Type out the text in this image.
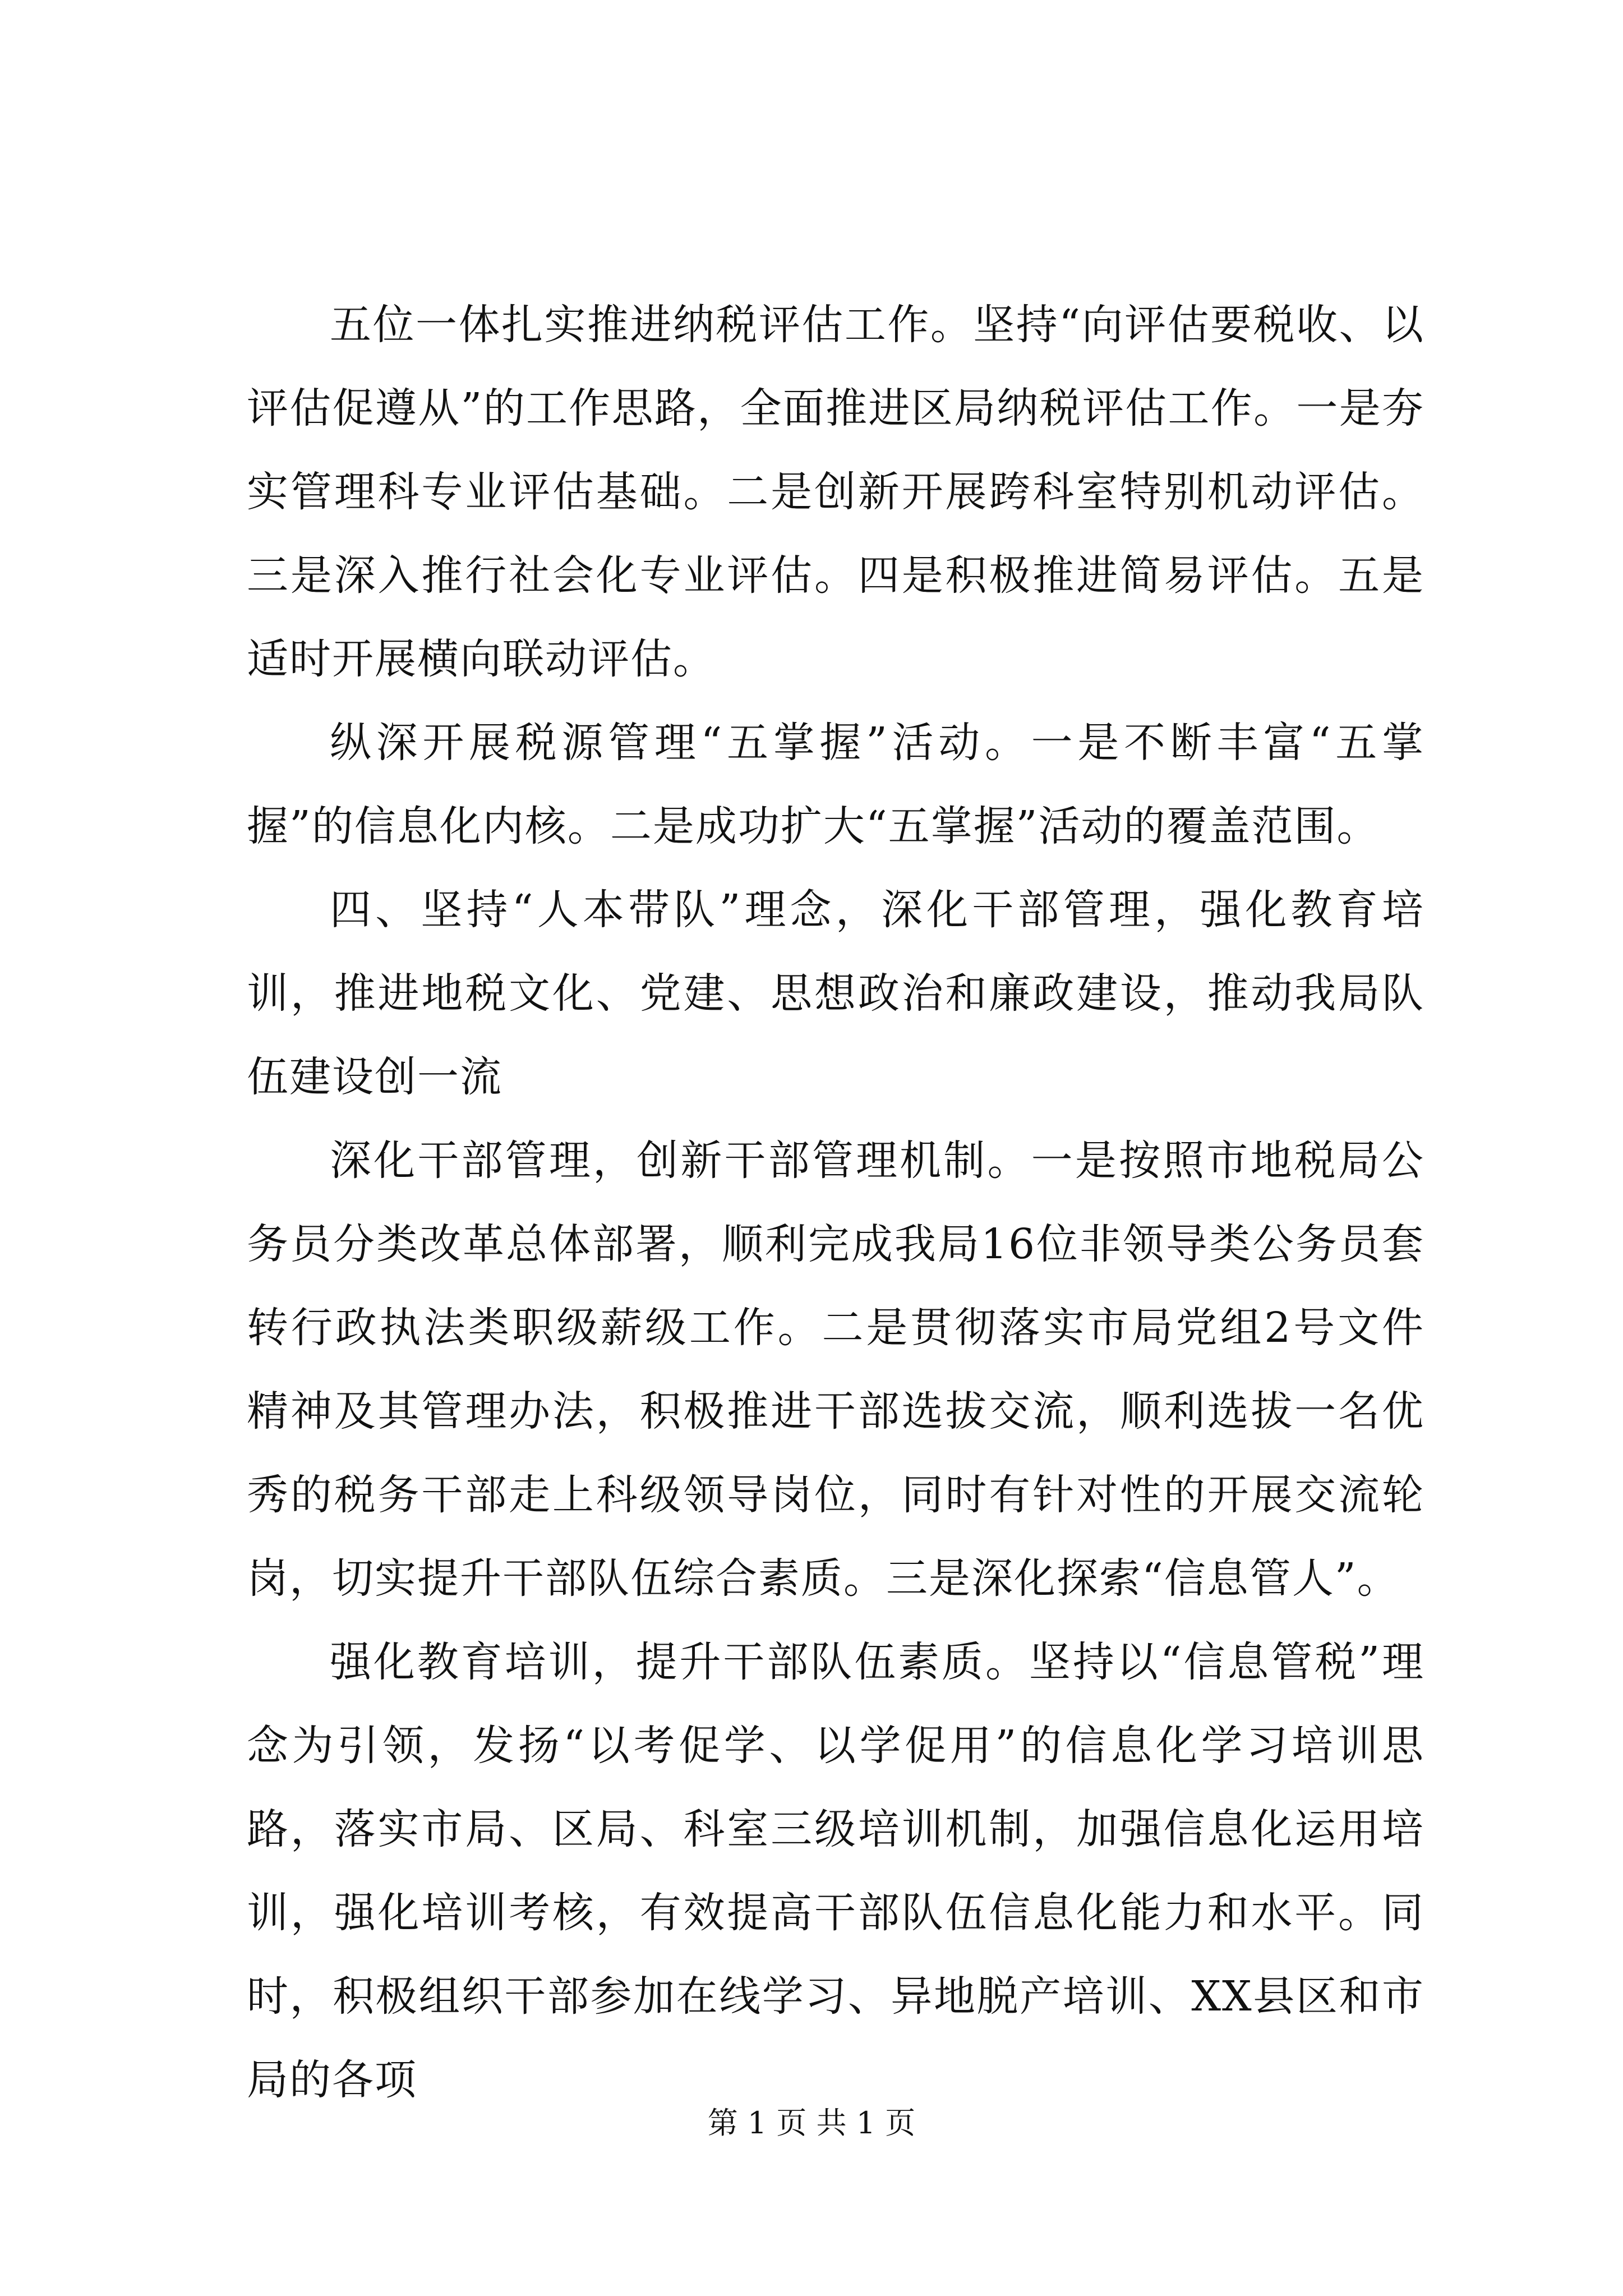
五位一体扎实推进纳税评估工作。坚持“向评估要税收、以评估促遵从”的工作思路，全面推进区局纳税评估工作。一是夯实管理科专业评估基础。二是创新开展跨科室特别机动评估。三是深入推行社会化专业评估。四是积极推进简易评估。五是适时开展横向联动评估。

纵深开展税源管理“五掌握”活动。一是不断丰富“五掌握”的信息化内核。二是成功扩大“五掌握”活动的覆盖范围。

四、坚持“人本带队”理念，深化干部管理，强化教育培训，推进地税文化、党建、思想政治和廉政建设，推动我局队伍建设创一流

深化干部管理，创新干部管理机制。一是按照市地税局公务员分类改革总体部署，顺利完成我局16位非领导类公务员套转行政执法类职级薪级工作。二是贯彻落实市局党组2号文件精神及其管理办法，积极推进干部选拔交流，顺利选拔一名优秀的税务干部走上科级领导岗位，同时有针对性的开展交流轮岗，切实提升干部队伍综合素质。三是深化探索“信息管人”。

强化教育培训，提升干部队伍素质。坚持以“信息管税”理念为引领，发扬“以考促学、以学促用”的信息化学习培训思路，落实市局、区局、科室三级培训机制，加强信息化运用培训，强化培训考核，有效提高干部队伍信息化能力和水平。同时，积极组织干部参加在线学习、异地脱产培训、XX县区和市局的各项

第 1 页 共 1 页
